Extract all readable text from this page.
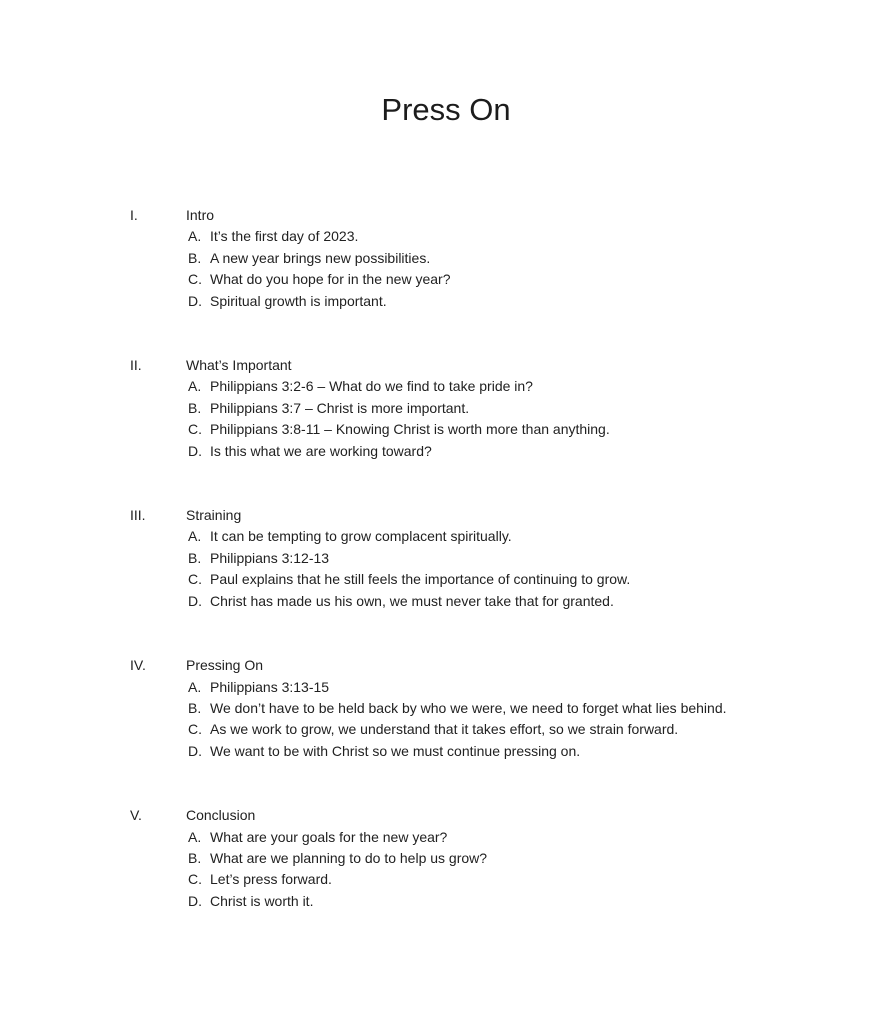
Press On
I.	Intro
A. It’s the first day of 2023.
B. A new year brings new possibilities.
C. What do you hope for in the new year?
D. Spiritual growth is important.
II.	What’s Important
A. Philippians 3:2-6 – What do we find to take pride in?
B. Philippians 3:7 – Christ is more important.
C. Philippians 3:8-11 – Knowing Christ is worth more than anything.
D. Is this what we are working toward?
III.	Straining
A. It can be tempting to grow complacent spiritually.
B. Philippians 3:12-13
C. Paul explains that he still feels the importance of continuing to grow.
D. Christ has made us his own, we must never take that for granted.
IV.	Pressing On
A. Philippians 3:13-15
B. We don’t have to be held back by who we were, we need to forget what lies behind.
C. As we work to grow, we understand that it takes effort, so we strain forward.
D. We want to be with Christ so we must continue pressing on.
V.	Conclusion
A. What are your goals for the new year?
B. What are we planning to do to help us grow?
C. Let’s press forward.
D. Christ is worth it.
